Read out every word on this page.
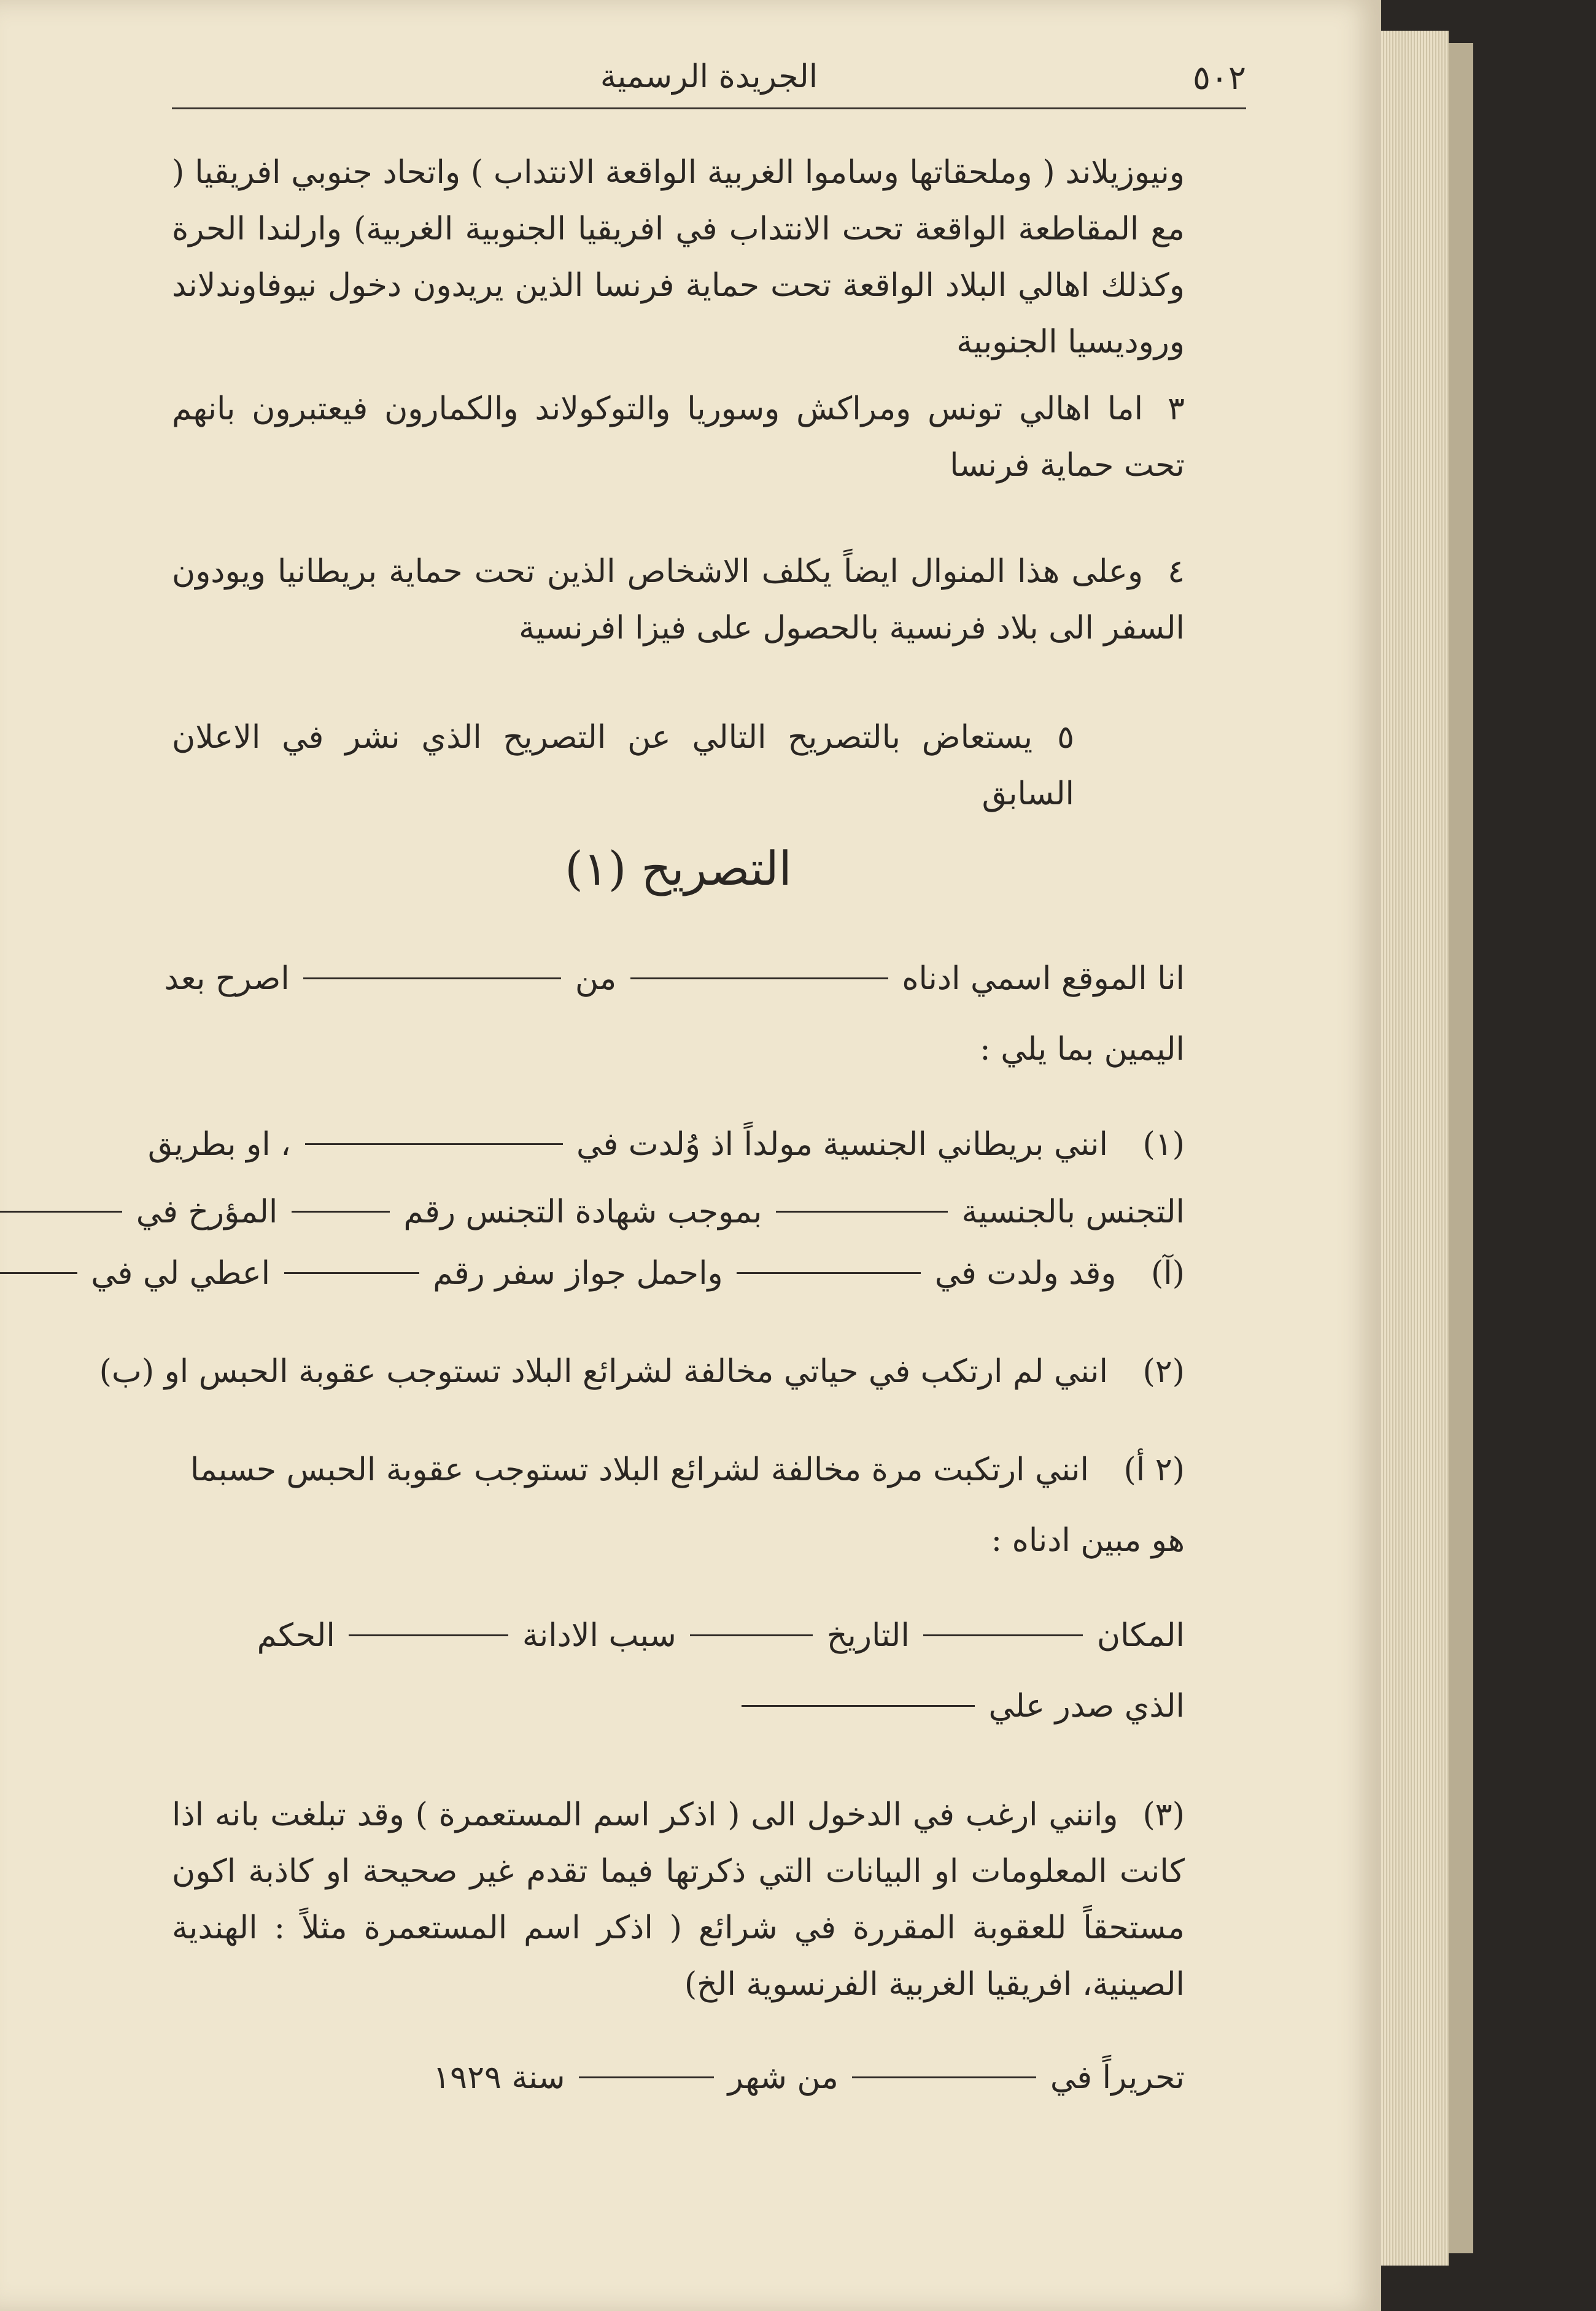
٥٠٢
الجريدة الرسمية
ونيوزيلاند ( وملحقاتها وساموا الغربية الواقعة الانتداب ) واتحاد جنوبي افريقيا ( مع المقاطعة الواقعة تحت الانتداب في افريقيا الجنوبية الغربية) وارلندا الحرة وكذلك اهالي البلاد الواقعة تحت حماية فرنسا الذين يريدون دخول نيوفاوندلاند وروديسيا الجنوبية
٣اما اهالي تونس ومراكش وسوريا والتوكولاند والكمارون فيعتبرون بانهم تحت حماية فرنسا
٤وعلى هذا المنوال ايضاً يكلف الاشخاص الذين تحت حماية بريطانيا ويودون السفر الى بلاد فرنسية بالحصول على فيزا افرنسية
٥يستعاض بالتصريح التالي عن التصريح الذي نشر في الاعلان السابق
التصريح (١)
انا الموقع اسمي ادناه  من  اصرح بعد
اليمين بما يلي :
(١) انني بريطاني الجنسية مولداً اذ وُلدت في  ، او بطريق
التجنس بالجنسية  بموجب شهادة التجنس رقم  المؤرخ في
(آ) وقد ولدت في  واحمل جواز سفر رقم  اعطي لي في
(٢) انني لم ارتكب في حياتي مخالفة لشرائع البلاد تستوجب عقوبة الحبس او (ب)
(٢ أ) انني ارتكبت مرة مخالفة لشرائع البلاد تستوجب عقوبة الحبس حسبما
هو مبين ادناه :
المكان  التاريخ  سبب الادانة  الحكم
الذي صدر علي
(٣)وانني ارغب في الدخول الى ( اذكر اسم المستعمرة ) وقد تبلغت بانه اذا كانت المعلومات او البيانات التي ذكرتها فيما تقدم غير صحيحة او كاذبة اكون مستحقاً للعقوبة المقررة في شرائع ( اذكر اسم المستعمرة مثلاً : الهندية الصينية، افريقيا الغربية الفرنسوية الخ)
تحريراً في  من شهر  سنة ١٩٢٩
